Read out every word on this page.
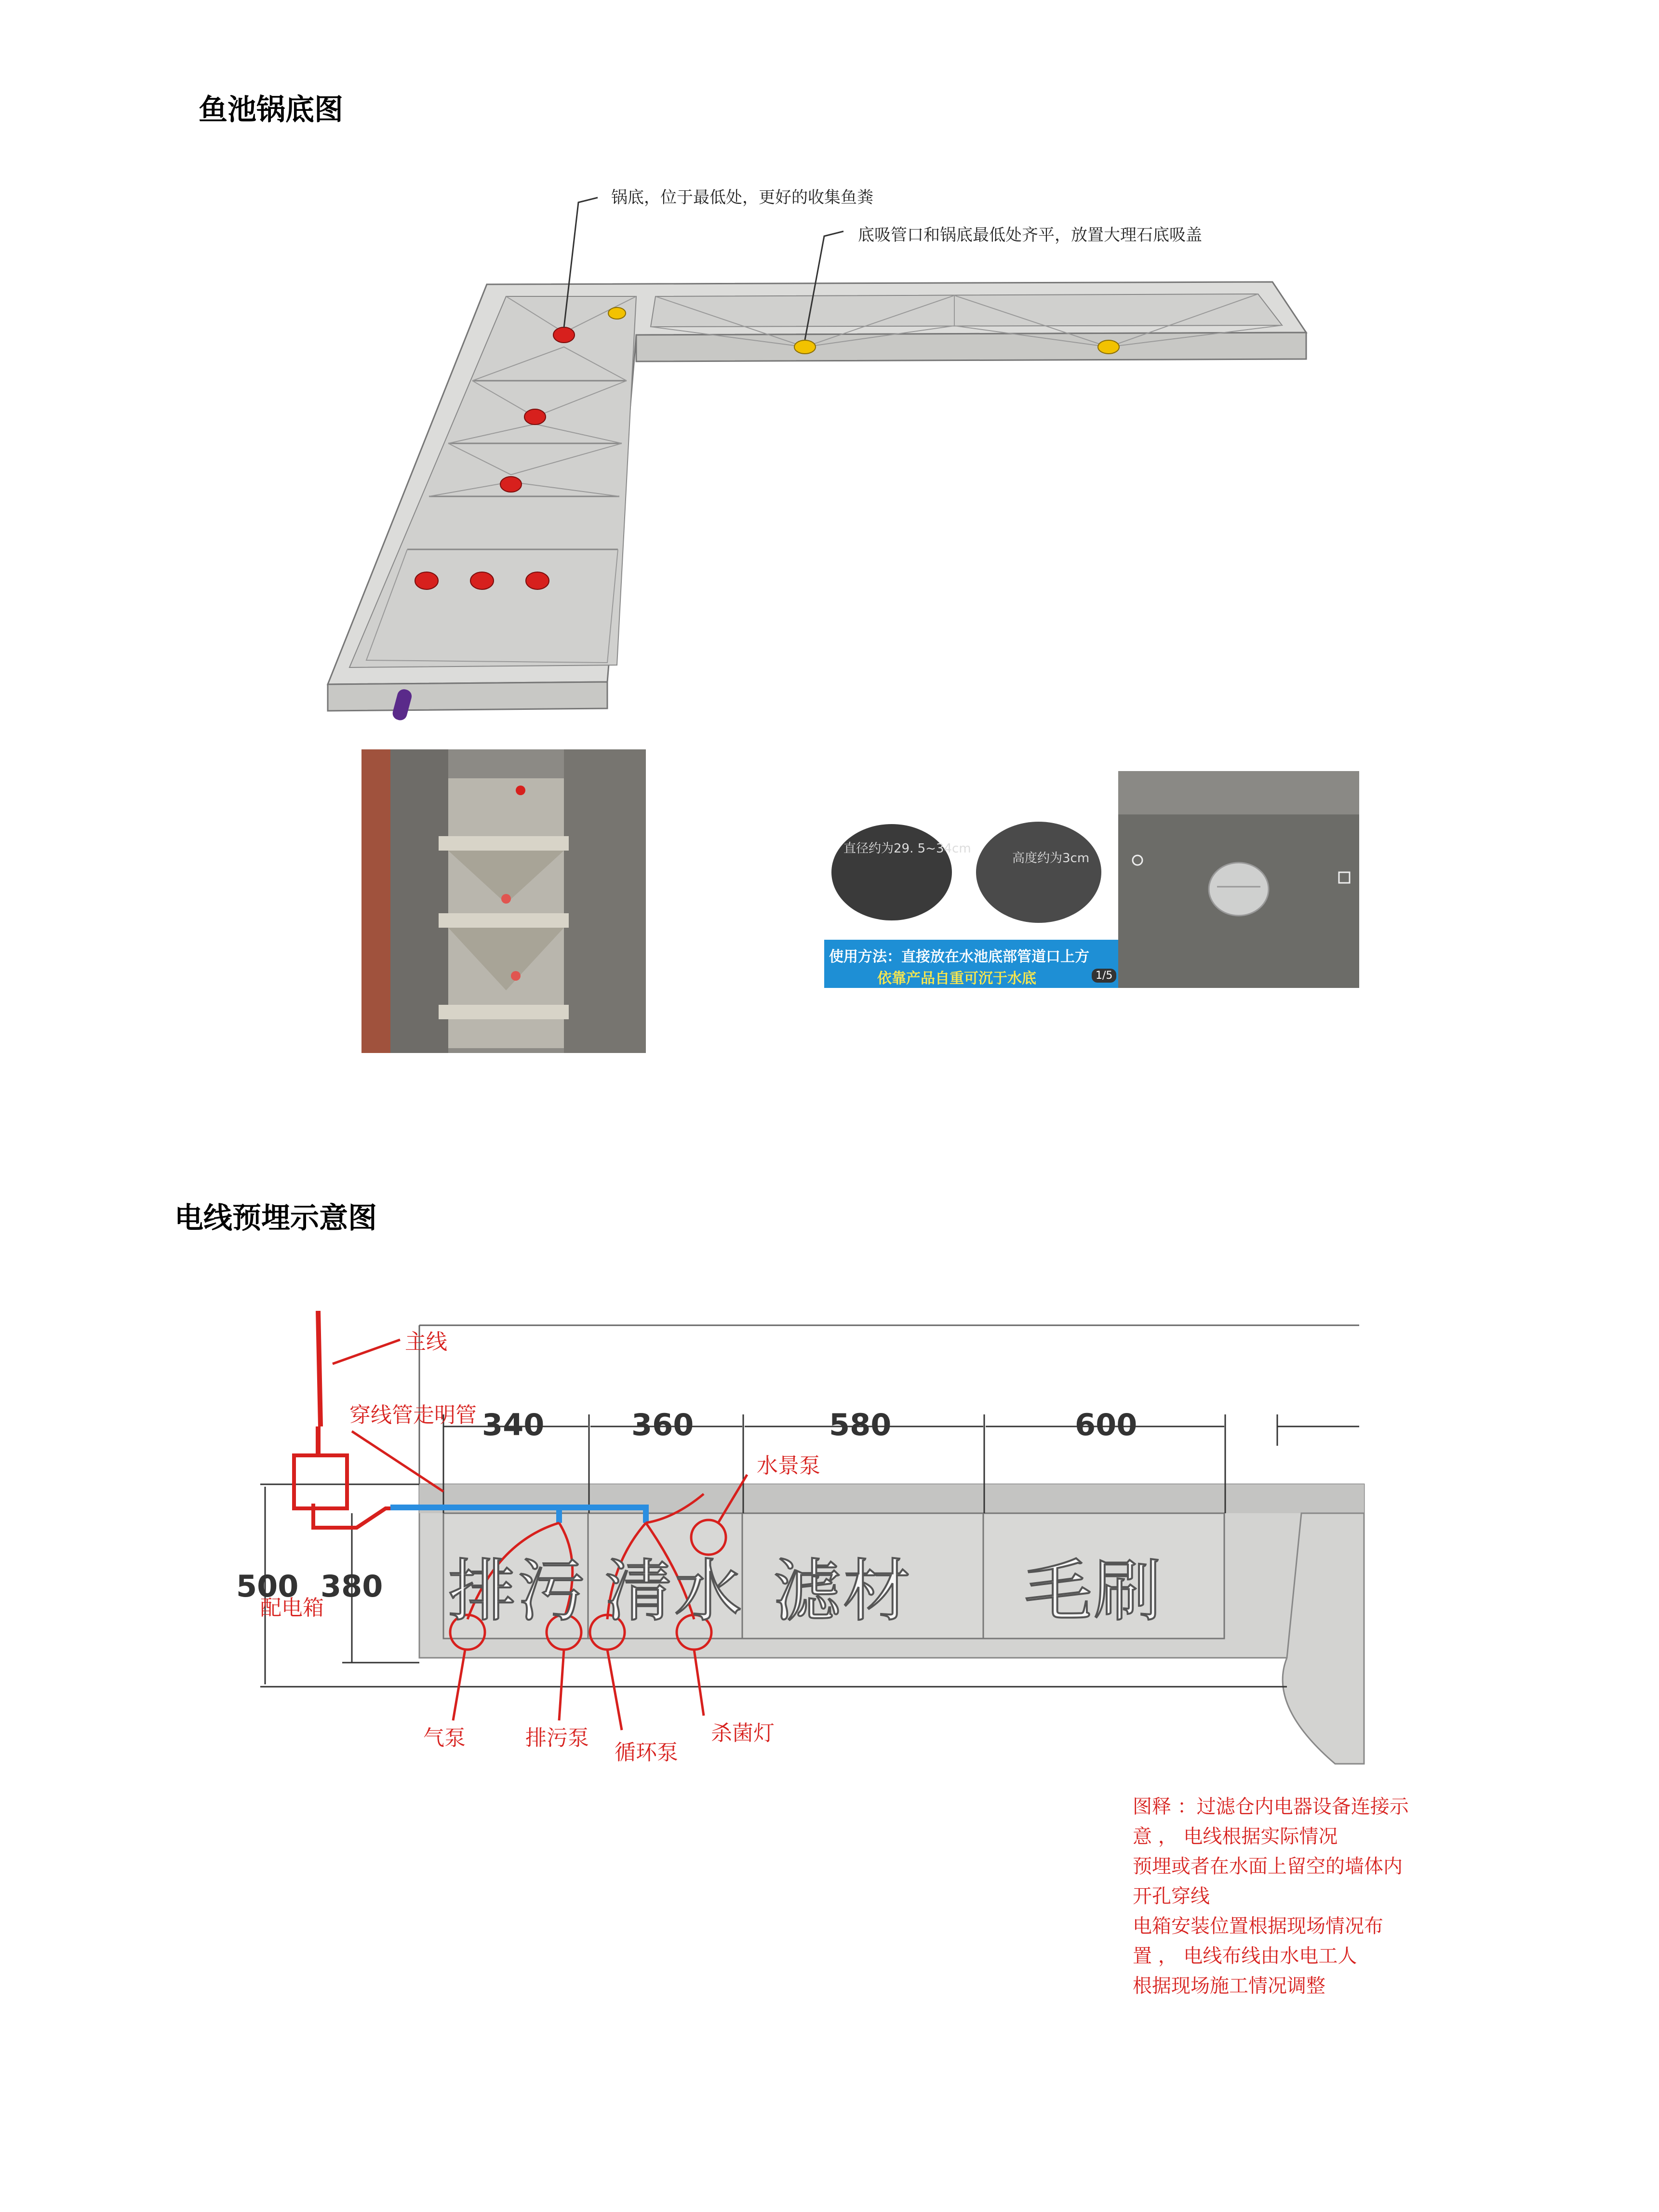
鱼池锅底图
锅底，位于最低处，更好的收集鱼粪
底吸管口和锅底最低处齐平，放置大理石底吸盖
直径约为29. 5~34cm
高度约为3cm
使用方法：直接放在水池底部管道口上方
依靠产品自重可沉于水底	1/5
电线预埋示意图
340	360	580	600
500 380 排污 清水 滤材 毛刷
主线
穿线管走明管
水景泵
配电箱
气泵	排污泵
循环泵
杀菌灯
图释 ：过滤仓内电器设备连接示
意 ， 电线根据实际情况
预埋或者在水面上留空的墙体内
开孔穿线
电箱安装位置根据现场情况布
置 ， 电线布线由水电工人
根据现场施工情况调整
